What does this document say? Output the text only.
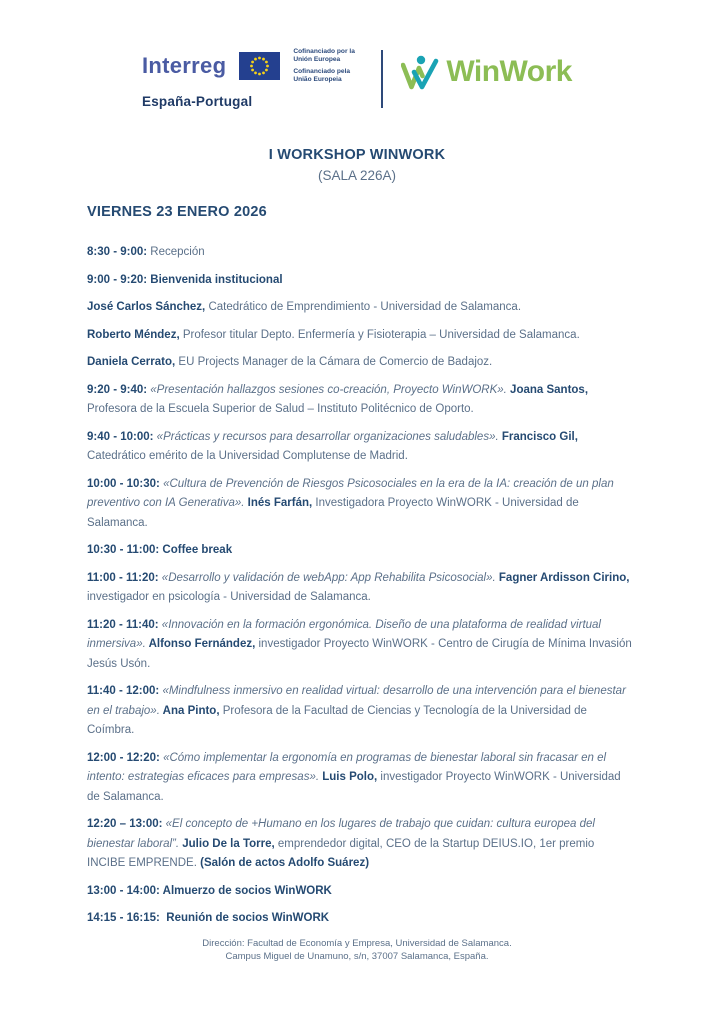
Interreg
Cofinanciado por la Unión Europea
Cofinanciado pela União Europeia
España-Portugal
WinWork
I WORKSHOP WINWORK
(SALA 226A)
VIERNES 23 ENERO 2026

8:30 - 9:00: Recepción

9:00 - 9:20: Bienvenida institucional

José Carlos Sánchez, Catedrático de Emprendimiento - Universidad de Salamanca.

Roberto Méndez, Profesor titular Depto. Enfermería y Fisioterapia – Universidad de Salamanca.

Daniela Cerrato, EU Projects Manager de la Cámara de Comercio de Badajoz.

9:20 - 9:40: «Presentación hallazgos sesiones co-creación, Proyecto WinWORK». Joana Santos, Profesora de la Escuela Superior de Salud – Instituto Politécnico de Oporto.

9:40 - 10:00: «Prácticas y recursos para desarrollar organizaciones saludables». Francisco Gil, Catedrático emérito de la Universidad Complutense de Madrid.

10:00 - 10:30: «Cultura de Prevención de Riesgos Psicosociales en la era de la IA: creación de un plan preventivo con IA Generativa». Inés Farfán, Investigadora Proyecto WinWORK - Universidad de Salamanca.

10:30 - 11:00: Coffee break

11:00 - 11:20: «Desarrollo y validación de webApp: App Rehabilita Psicosocial». Fagner Ardisson Cirino, investigador en psicología - Universidad de Salamanca.

11:20 - 11:40: «Innovación en la formación ergonómica. Diseño de una plataforma de realidad virtual inmersiva». Alfonso Fernández, investigador Proyecto WinWORK - Centro de Cirugía de Mínima Invasión Jesús Usón.

11:40 - 12:00: «Mindfulness inmersivo en realidad virtual: desarrollo de una intervención para el bienestar en el trabajo». Ana Pinto, Profesora de la Facultad de Ciencias y Tecnología de la Universidad de Coímbra.

12:00 - 12:20: «Cómo implementar la ergonomía en programas de bienestar laboral sin fracasar en el intento: estrategias eficaces para empresas». Luis Polo, investigador Proyecto WinWORK - Universidad de Salamanca.

12:20 – 13:00: «El concepto de +Humano en los lugares de trabajo que cuidan: cultura europea del bienestar laboral”. Julio De la Torre, emprendedor digital, CEO de la Startup DEIUS.IO, 1er premio INCIBE EMPRENDE. (Salón de actos Adolfo Suárez)

13:00 - 14:00: Almuerzo de socios WinWORK

14:15 - 16:15:  Reunión de socios WinWORK

Dirección: Facultad de Economía y Empresa, Universidad de Salamanca.
Campus Miguel de Unamuno, s/n, 37007 Salamanca, España.
